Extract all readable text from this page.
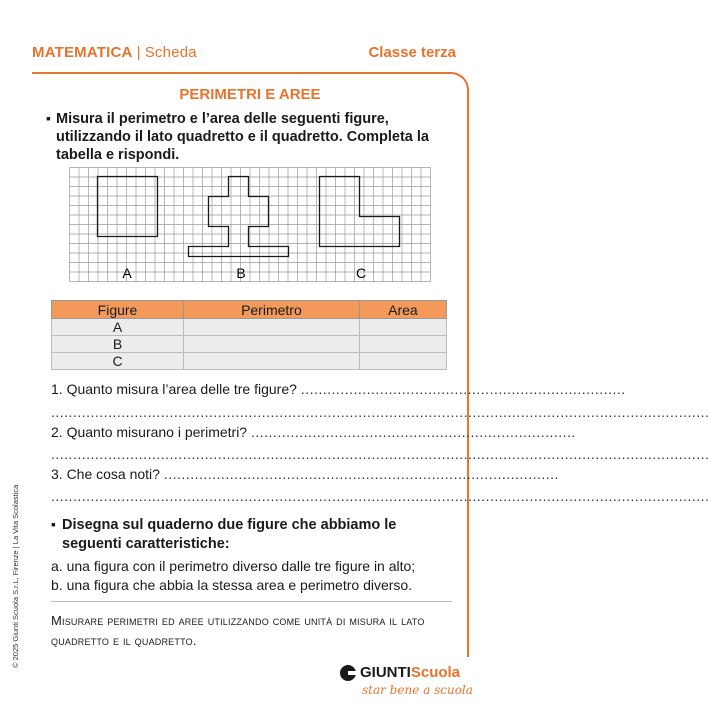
MATEMATICA | Scheda	Classe terza
PERIMETRI E AREE
▪ Misura il perimetro e l’area delle seguenti figure, utilizzando il lato quadretto e il quadretto. Completa la tabella e rispondi.
A	B	C
Figure	Perimetro	Area
A		
B		
C		
1. Quanto misura l’area delle tre figure? ..........................................................................
.....
2. Quanto misurano i perimetri? ..........................................................................
.....
3. Che cosa noti? ..........................................................................................
.....
▪ Disegna sul quaderno due figure che abbiamo le seguenti caratteristiche:
a. una figura con il perimetro diverso dalle tre figure in alto;
b. una figura che abbia la stessa area e perimetro diverso.
Misurare perimetri ed aree utilizzando come unità di misura il lato quadretto e il quadretto.
© 2025 Giunti Scuola S.r.L, Firenze | La Vita Scolastica
GIUNTIScuola
star bene a scuola
